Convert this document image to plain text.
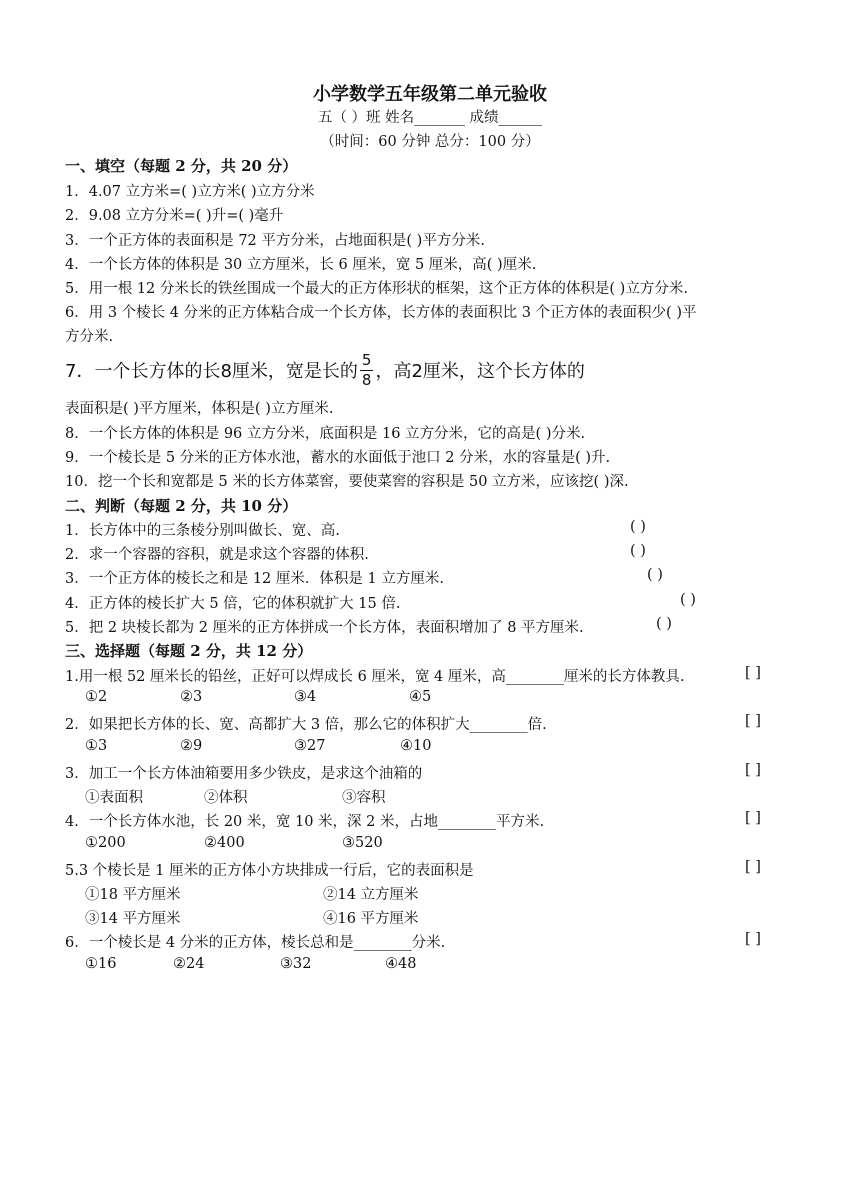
小学数学五年级第二单元验收
五（ ）班 姓名_______ 成绩______
（时间：60 分钟 总分：100 分）
一、填空（每题 2 分，共 20 分）
1．4.07 立方米=( )立方米( )立方分米
2．9.08 立方分米=( )升=( )毫升
3．一个正方体的表面积是 72 平方分米，占地面积是( )平方分米.
4．一个长方体的体积是 30 立方厘米，长 6 厘米，宽 5 厘米，高( )厘米.
5．用一根 12 分米长的铁丝围成一个最大的正方体形状的框架，这个正方体的体积是( )立方分米.
6．用 3 个棱长 4 分米的正方体粘合成一个长方体，长方体的表面积比 3 个正方体的表面积少( )平
方分米.
7．一个长方体的长8厘米，宽是长的 $\frac{5}{8}$ ，高2厘米，这个长方体的
表面积是( )平方厘米，体积是( )立方厘米.
8．一个长方体的体积是 96 立方分米，底面积是 16 立方分米，它的高是( )分米.
9．一个棱长是 5 分米的正方体水池，蓄水的水面低于池口 2 分米，水的容量是( )升.
10．挖一个长和宽都是 5 米的长方体菜窖，要使菜窖的容积是 50 立方米，应该挖( )深.
二、判断（每题 2 分，共 10 分）
1．长方体中的三条棱分别叫做长、宽、高.	( )
2．求一个容器的容积，就是求这个容器的体积.	( )
3．一个正方体的棱长之和是 12 厘米．体积是 1 立方厘米.	( )
4．正方体的棱长扩大 5 倍，它的体积就扩大 15 倍.	( )
5．把 2 块棱长都为 2 厘米的正方体拼成一个长方体，表面积增加了 8 平方厘米.	( )
三、选择题（每题 2 分，共 12 分）
1.用一根 52 厘米长的铅丝，正好可以焊成长 6 厘米，宽 4 厘米，高________厘米的长方体教具.	[ ]
①2	②3	③4	④5
2．如果把长方体的长、宽、高都扩大 3 倍，那么它的体积扩大________倍.	[ ]
①3	②9	③27	④10
3．加工一个长方体油箱要用多少铁皮，是求这个油箱的	[ ]
①表面积	②体积	③容积
4．一个长方体水池，长 20 米，宽 10 米，深 2 米，占地________平方米.	[ ]
①200	②400	③520
5.3 个棱长是 1 厘米的正方体小方块排成一行后，它的表面积是	[ ]
①18 平方厘米	②14 立方厘米
③14 平方厘米	④16 平方厘米
6．一个棱长是 4 分米的正方体，棱长总和是________分米.	[ ]
①16	②24	③32	④48
